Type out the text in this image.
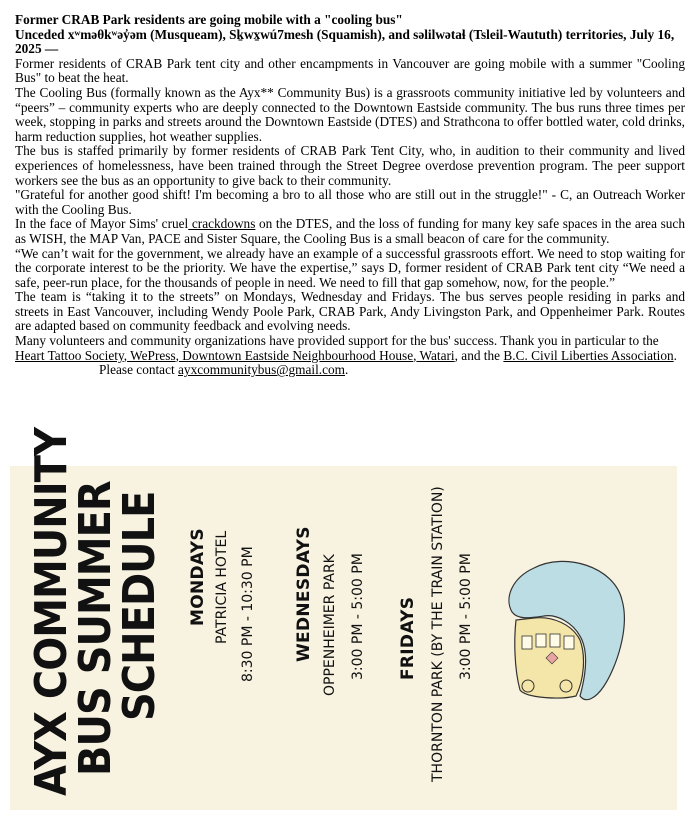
Former CRAB Park residents are going mobile with a "cooling bus"

Unceded xʷməθkʷəy̓əm (Musqueam), Sḵwx̱wú7mesh (Squamish), and səlilwətaɬ (Tsleil-Waututh) territories, July 16, 2025 —

Former residents of CRAB Park tent city and other encampments in Vancouver are going mobile with a summer "Cooling Bus" to beat the heat.

The Cooling Bus (formally known as the Ayx** Community Bus) is a grassroots community initiative led by volunteers and “peers” – community experts who are deeply connected to the Downtown Eastside community. The bus runs three times per week, stopping in parks and streets around the Downtown Eastside (DTES) and Strathcona to offer bottled water, cold drinks, harm reduction supplies, hot weather supplies.

The bus is staffed primarily by former residents of CRAB Park Tent City, who, in audition to their community and lived experiences of homelessness, have been trained through the Street Degree overdose prevention program. The peer support workers see the bus as an opportunity to give back to their community.

"Grateful for another good shift! I'm becoming a bro to all those who are still out in the struggle!" - C, an Outreach Worker with the Cooling Bus.

In the face of Mayor Sims' cruel crackdowns on the DTES, and the loss of funding for many key safe spaces in the area such as WISH, the MAP Van, PACE and Sister Square, the Cooling Bus is a small beacon of care for the community.

“We can’t wait for the government, we already have an example of a successful grassroots effort. We need to stop waiting for the corporate interest to be the priority. We have the expertise,” says D, former resident of CRAB Park tent city “We need a safe, peer-run place, for the thousands of people in need. We need to fill that gap somehow, now, for the people.”

The team is “taking it to the streets” on Mondays, Wednesday and Fridays. The bus serves people residing in parks and streets in East Vancouver, including Wendy Poole Park, CRAB Park, Andy Livingston Park, and Oppenheimer Park. Routes are adapted based on community feedback and evolving needs.

Many volunteers and community organizations have provided support for the bus' success. Thank you in particular to the Heart Tattoo Society, WePress, Downtown Eastside Neighbourhood House, Watari, and the B.C. Civil Liberties Association.Please contact ayxcommunitybus@gmail.com.

AYX COMMUNITY
BUS SUMMER
SCHEDULE MONDAYS PATRICIA HOTEL 8:30 PM - 10:30 PM WEDNESDAYS OPPENHEIMER PARK 3:00 PM - 5:00 PM FRIDAYS THORNTON PARK (BY THE TRAIN STATION) 3:00 PM - 5:00 PM
